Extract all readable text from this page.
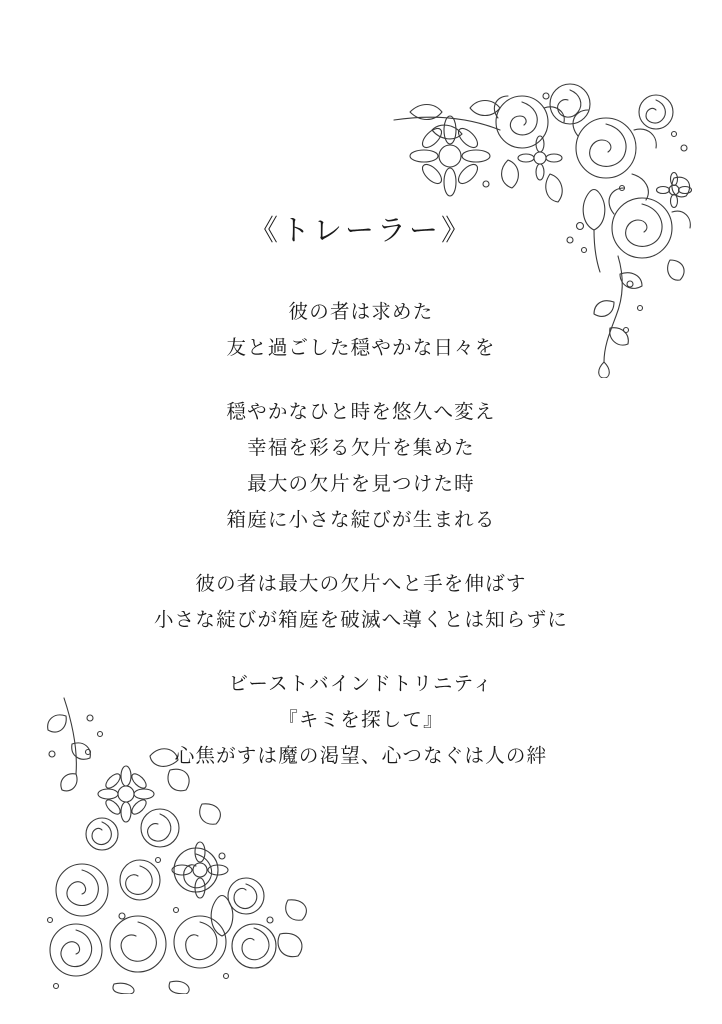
《トレーラー》
彼の者は求めた
友と過ごした穏やかな日々を
穏やかなひと時を悠久へ変え
幸福を彩る欠片を集めた
最大の欠片を見つけた時
箱庭に小さな綻びが生まれる
彼の者は最大の欠片へと手を伸ばす
小さな綻びが箱庭を破滅へ導くとは知らずに
ビーストバインドトリニティ
『キミを探して』
心焦がすは魔の渇望、心つなぐは人の絆
